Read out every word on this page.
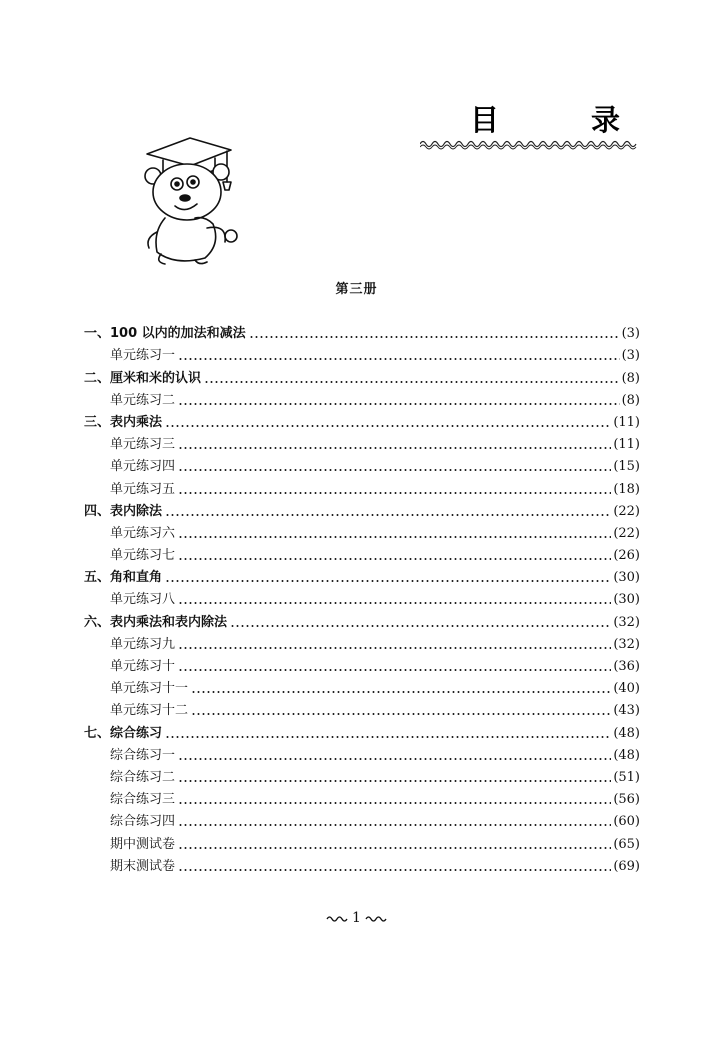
目	录
第三册
一、100 以内的加法和减法	(3)
单元练习一	(3)
二、厘米和米的认识	(8)
单元练习二	(8)
三、表内乘法	(11)
单元练习三	(11)
单元练习四	(15)
单元练习五	(18)
四、表内除法	(22)
单元练习六	(22)
单元练习七	(26)
五、角和直角	(30)
单元练习八	(30)
六、表内乘法和表内除法	(32)
单元练习九	(32)
单元练习十	(36)
单元练习十一	(40)
单元练习十二	(43)
七、综合练习	(48)
综合练习一	(48)
综合练习二	(51)
综合练习三	(56)
综合练习四	(60)
期中测试卷	(65)
期末测试卷	(69)
1
